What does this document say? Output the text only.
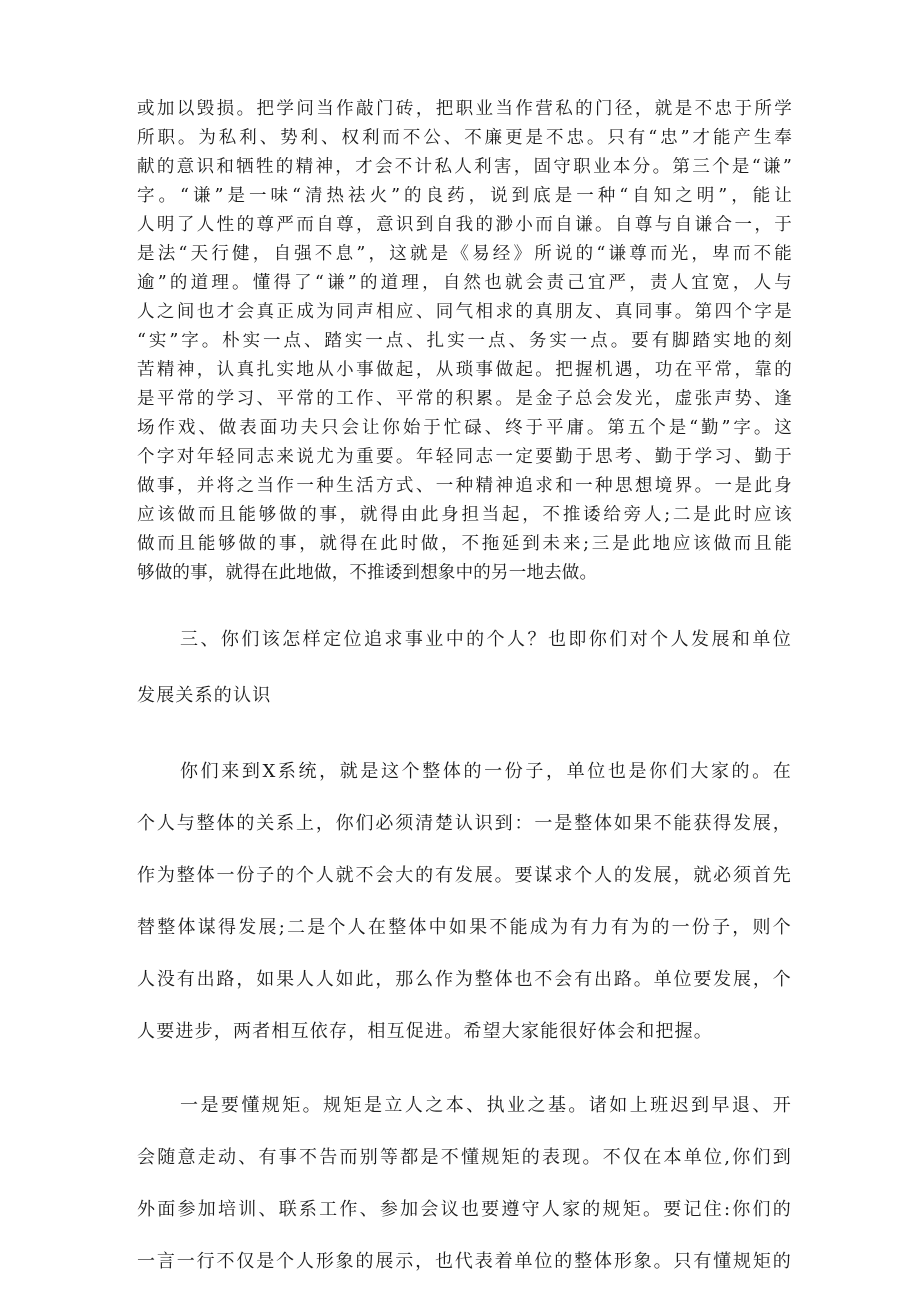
或加以毁损。把学问当作敲门砖，把职业当作营私的门径，就是不忠于所学
所职。为私利、势利、权利而不公、不廉更是不忠。只有“忠”才能产生奉
献的意识和牺牲的精神，才会不计私人利害，固守职业本分。第三个是“谦”
字。“谦”是一味“清热祛火”的良药，说到底是一种“自知之明”，能让
人明了人性的尊严而自尊，意识到自我的渺小而自谦。自尊与自谦合一，于
是法“天行健，自强不息”，这就是《易经》所说的“谦尊而光，卑而不能
逾”的道理。懂得了“谦”的道理，自然也就会责己宜严，责人宜宽，人与
人之间也才会真正成为同声相应、同气相求的真朋友、真同事。第四个字是
“实”字。朴实一点、踏实一点、扎实一点、务实一点。要有脚踏实地的刻
苦精神，认真扎实地从小事做起，从琐事做起。把握机遇，功在平常，靠的
是平常的学习、平常的工作、平常的积累。是金子总会发光，虚张声势、逢
场作戏、做表面功夫只会让你始于忙碌、终于平庸。第五个是“勤”字。这
个字对年轻同志来说尤为重要。年轻同志一定要勤于思考、勤于学习、勤于
做事，并将之当作一种生活方式、一种精神追求和一种思想境界。一是此身
应该做而且能够做的事，就得由此身担当起，不推诿给旁人;二是此时应该
做而且能够做的事，就得在此时做，不拖延到未来;三是此地应该做而且能
够做的事，就得在此地做，不推诿到想象中的另一地去做。
三、你们该怎样定位追求事业中的个人？也即你们对个人发展和单位
发展关系的认识
你们来到X系统，就是这个整体的一份子，单位也是你们大家的。在
个人与整体的关系上，你们必须清楚认识到：一是整体如果不能获得发展，
作为整体一份子的个人就不会大的有发展。要谋求个人的发展，就必须首先
替整体谋得发展;二是个人在整体中如果不能成为有力有为的一份子，则个
人没有出路，如果人人如此，那么作为整体也不会有出路。单位要发展，个
人要进步，两者相互依存，相互促进。希望大家能很好体会和把握。
一是要懂规矩。规矩是立人之本、执业之基。诸如上班迟到早退、开
会随意走动、有事不告而别等都是不懂规矩的表现。不仅在本单位,你们到
外面参加培训、联系工作、参加会议也要遵守人家的规矩。要记住:你们的
一言一行不仅是个人形象的展示，也代表着单位的整体形象。只有懂规矩的
